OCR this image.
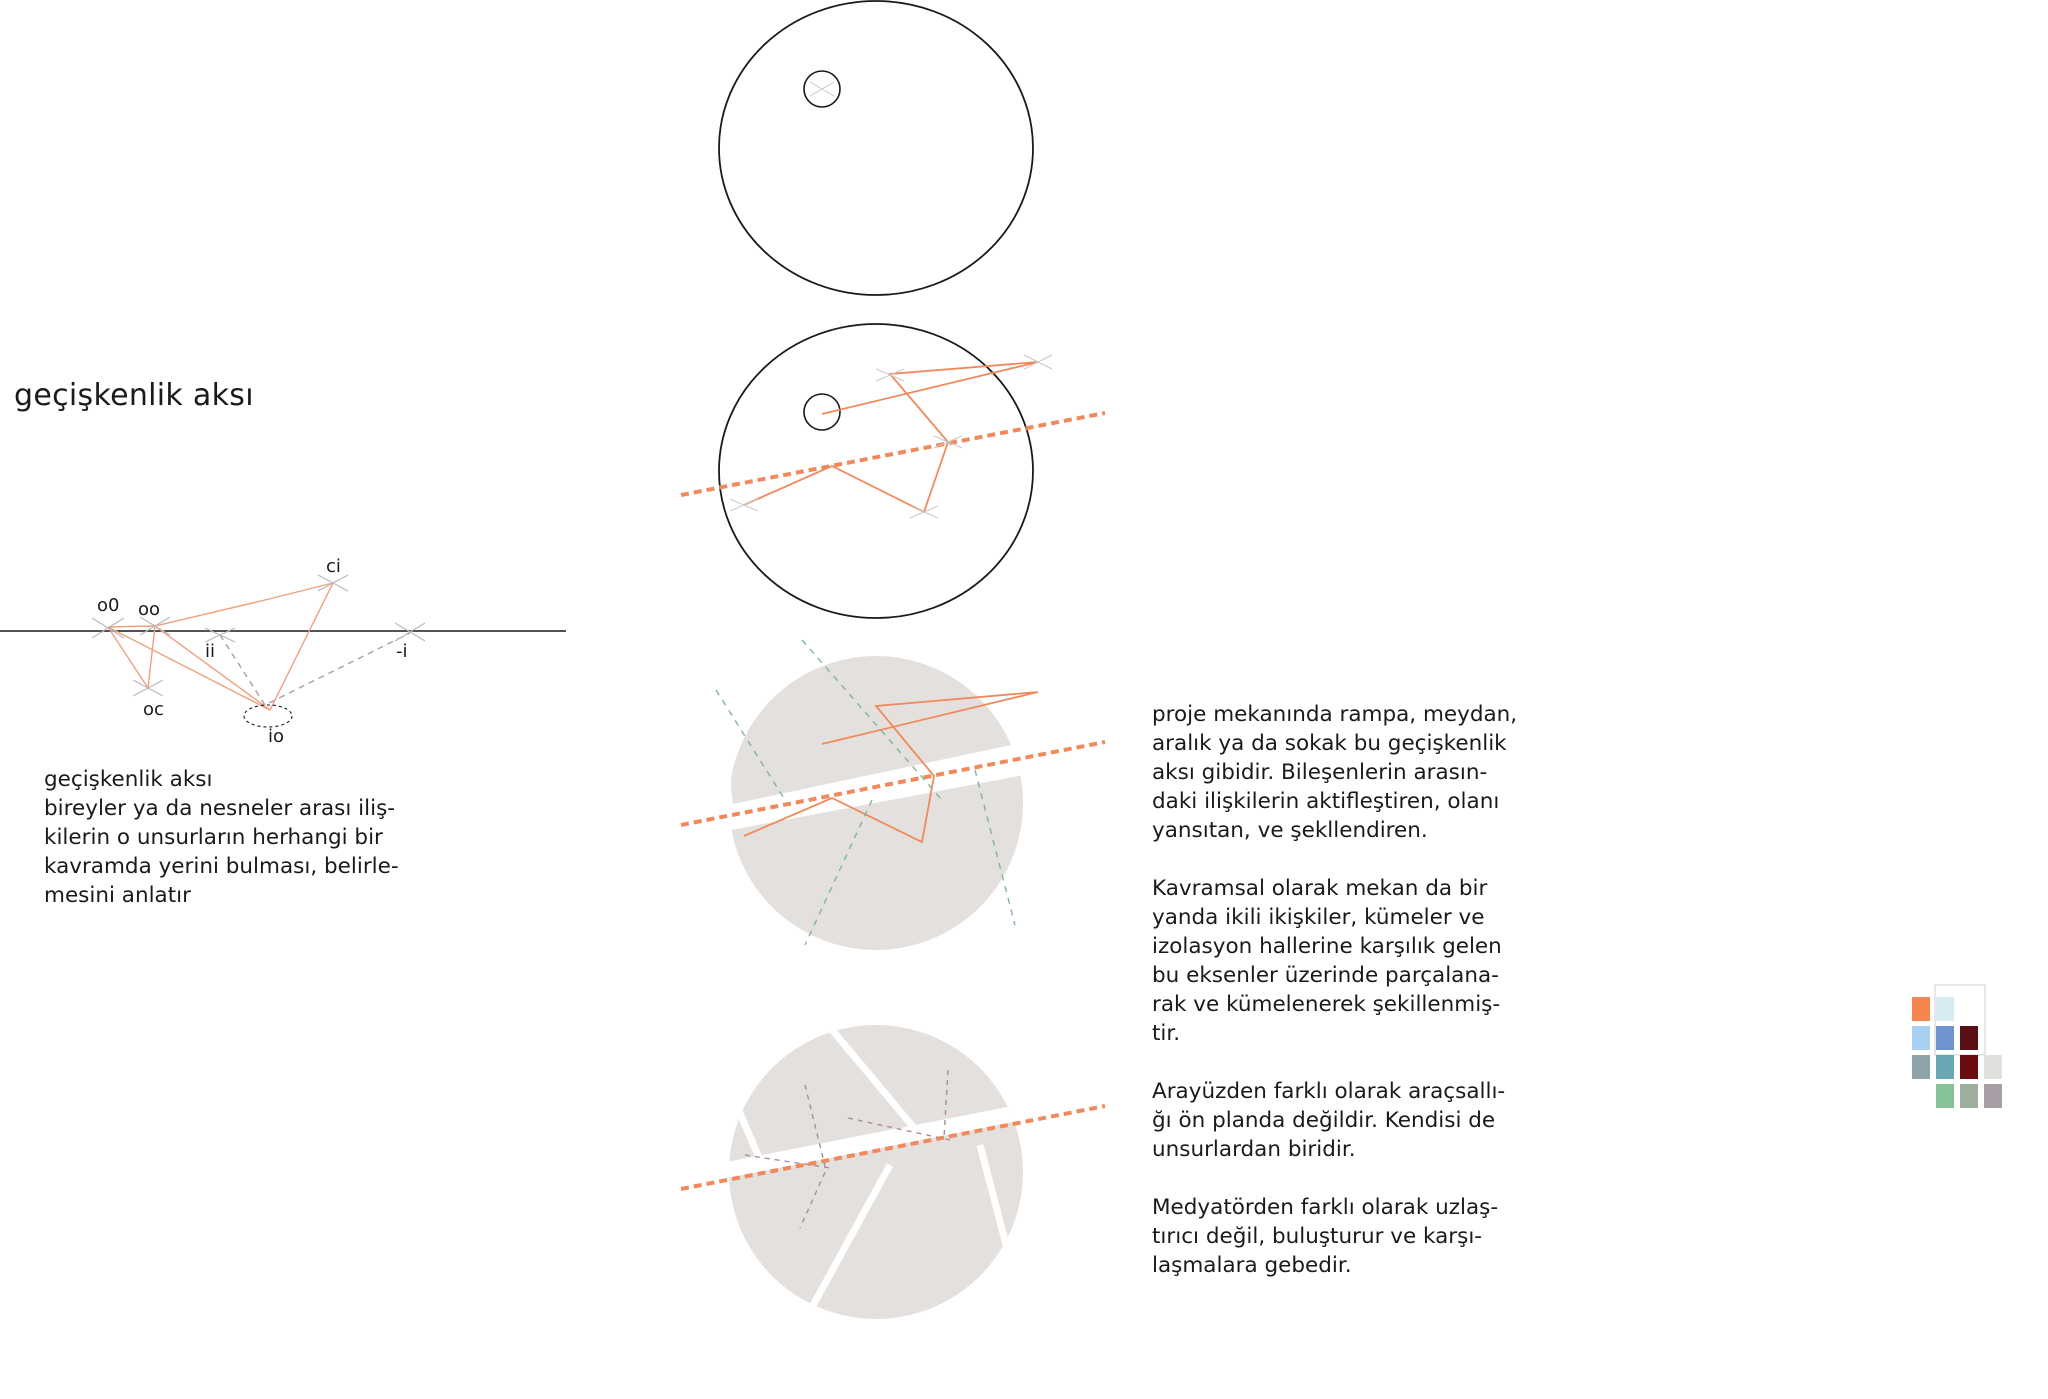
geçişkenlik aksı
o0 oo
ci
ii	-i
oc
io
geçişkenlik aksı
bireyler ya da nesneler arası iliş-
kilerin o unsurların herhangi bir
kavramda yerini bulması, belirle-
mesini anlatır
proje mekanında rampa, meydan,
aralık ya da sokak bu geçişkenlik
aksı gibidir. Bileşenlerin arasın-
daki ilişkilerin aktifleştiren, olanı
yansıtan, ve şekllendiren.
Kavramsal olarak mekan da bir
yanda ikili ikişkiler, kümeler ve
izolasyon hallerine karşılık gelen
bu eksenler üzerinde parçalana-
rak ve kümelenerek şekillenmiş-
tir.
Arayüzden farklı olarak araçsallı-
ğı ön planda değildir. Kendisi de
unsurlardan biridir.
Medyatörden farklı olarak uzlaş-
tırıcı değil, buluşturur ve karşı-
laşmalara gebedir.
